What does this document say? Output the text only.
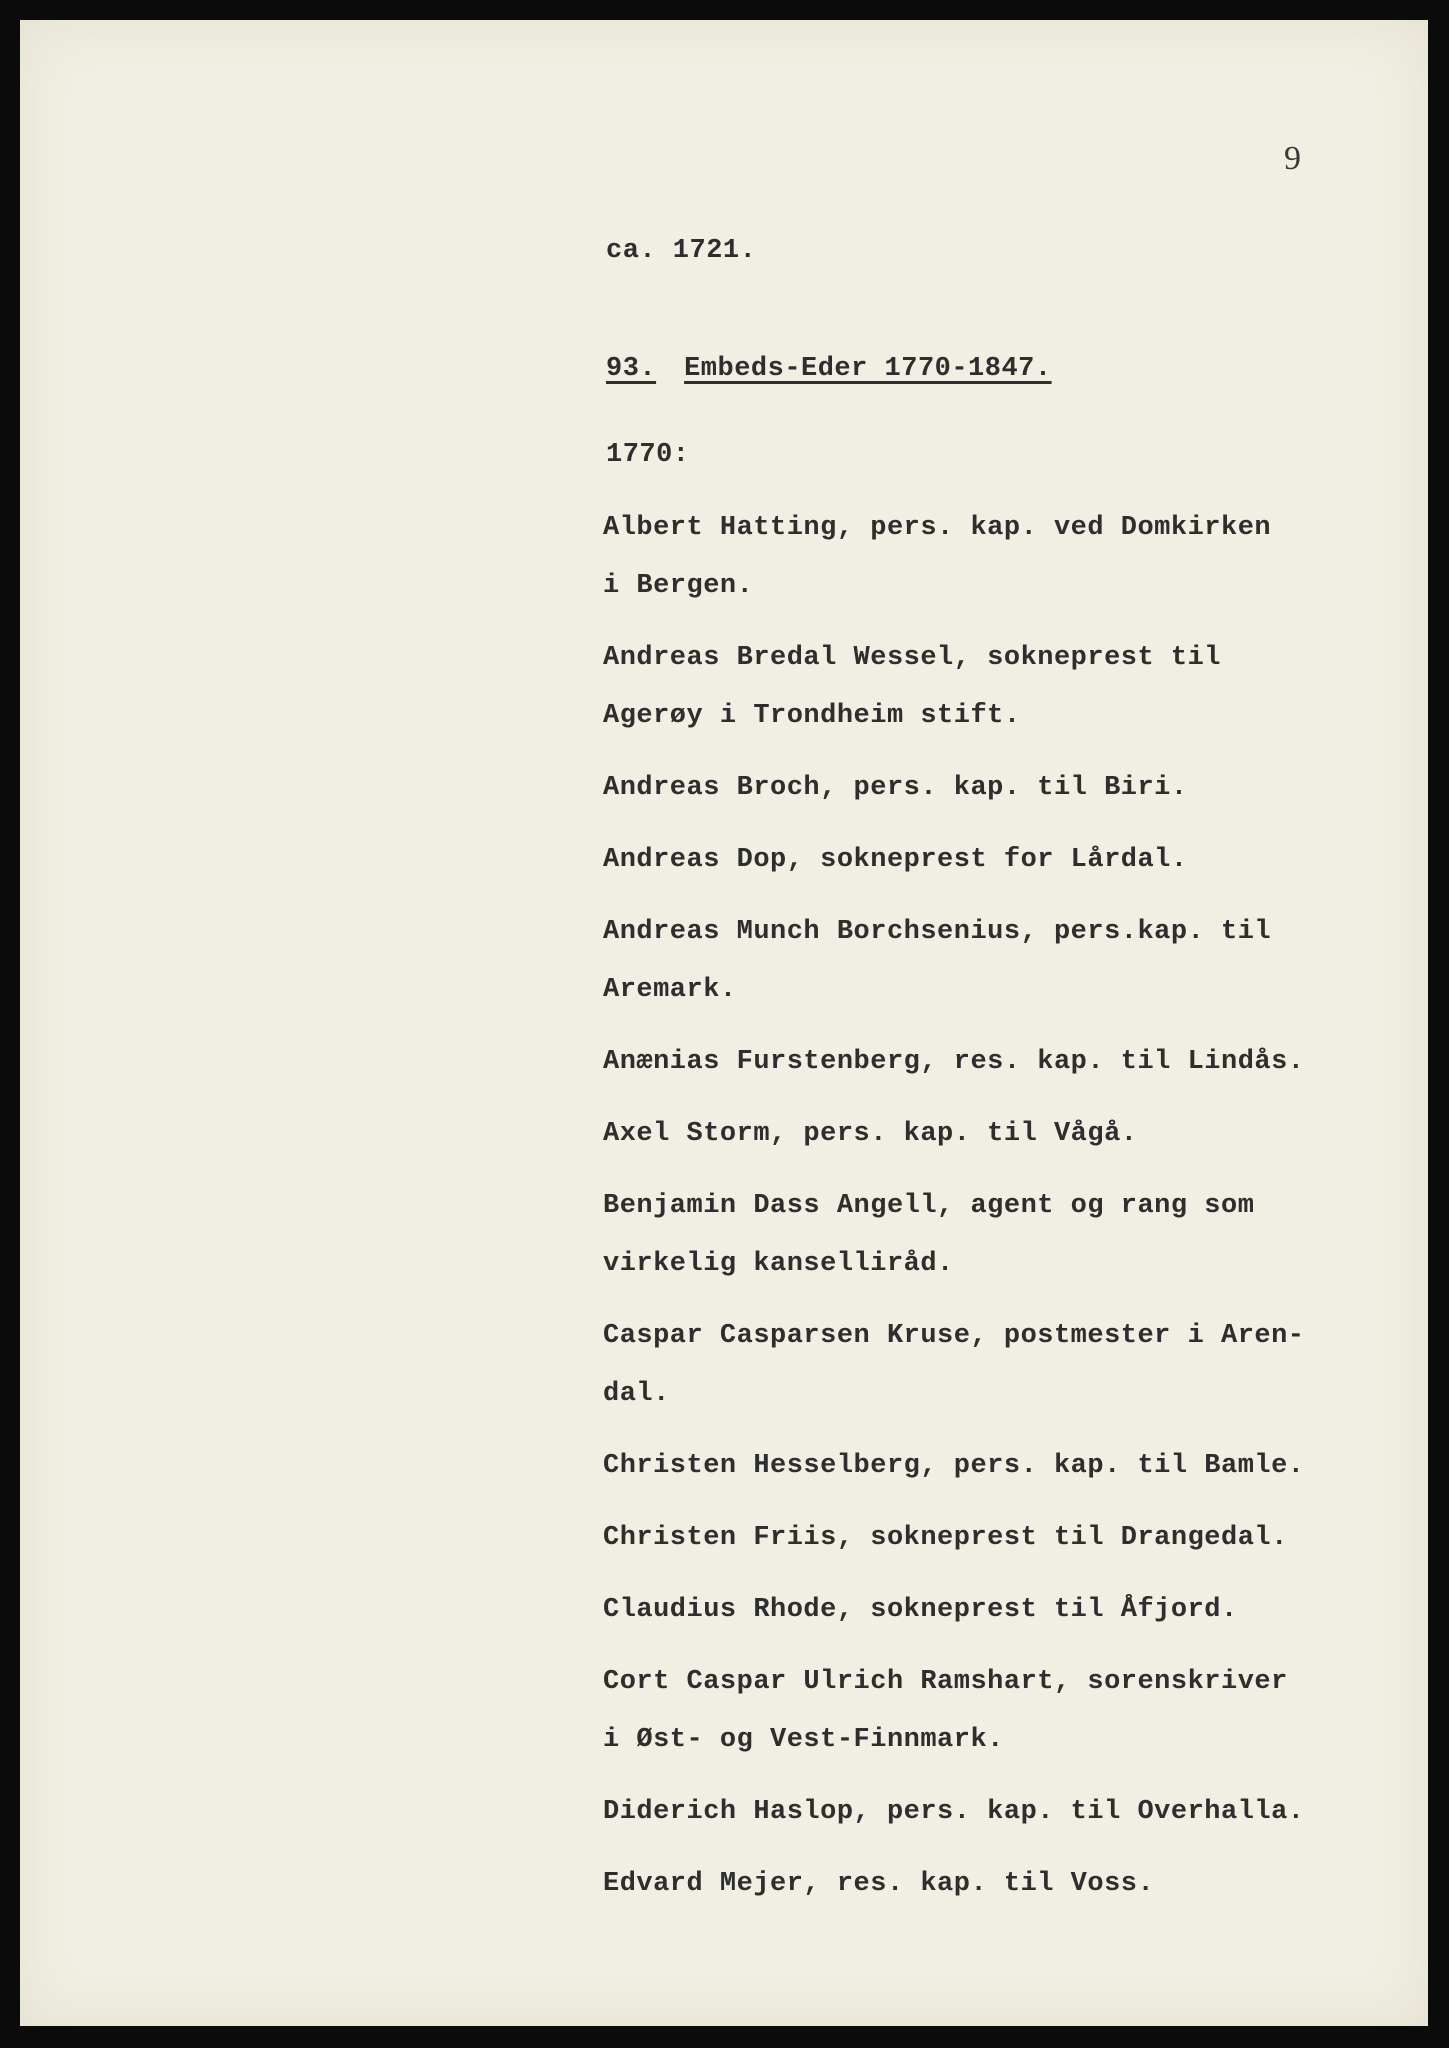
9
ca. 1721.
93. Embeds-Eder 1770-1847.
1770:
Albert Hatting, pers. kap. ved Domkirken
i Bergen.
Andreas Bredal Wessel, sokneprest til
Agerøy i Trondheim stift.
Andreas Broch, pers. kap. til Biri.
Andreas Dop, sokneprest for Lårdal.
Andreas Munch Borchsenius, pers.kap. til
Aremark.
Anænias Furstenberg, res. kap. til Lindås.
Axel Storm, pers. kap. til Vågå.
Benjamin Dass Angell, agent og rang som
virkelig kanselliråd.
Caspar Casparsen Kruse, postmester i Aren-
dal.
Christen Hesselberg, pers. kap. til Bamle.
Christen Friis, sokneprest til Drangedal.
Claudius Rhode, sokneprest til Åfjord.
Cort Caspar Ulrich Ramshart, sorenskriver
i Øst- og Vest-Finnmark.
Diderich Haslop, pers. kap. til Overhalla.
Edvard Mejer, res. kap. til Voss.
